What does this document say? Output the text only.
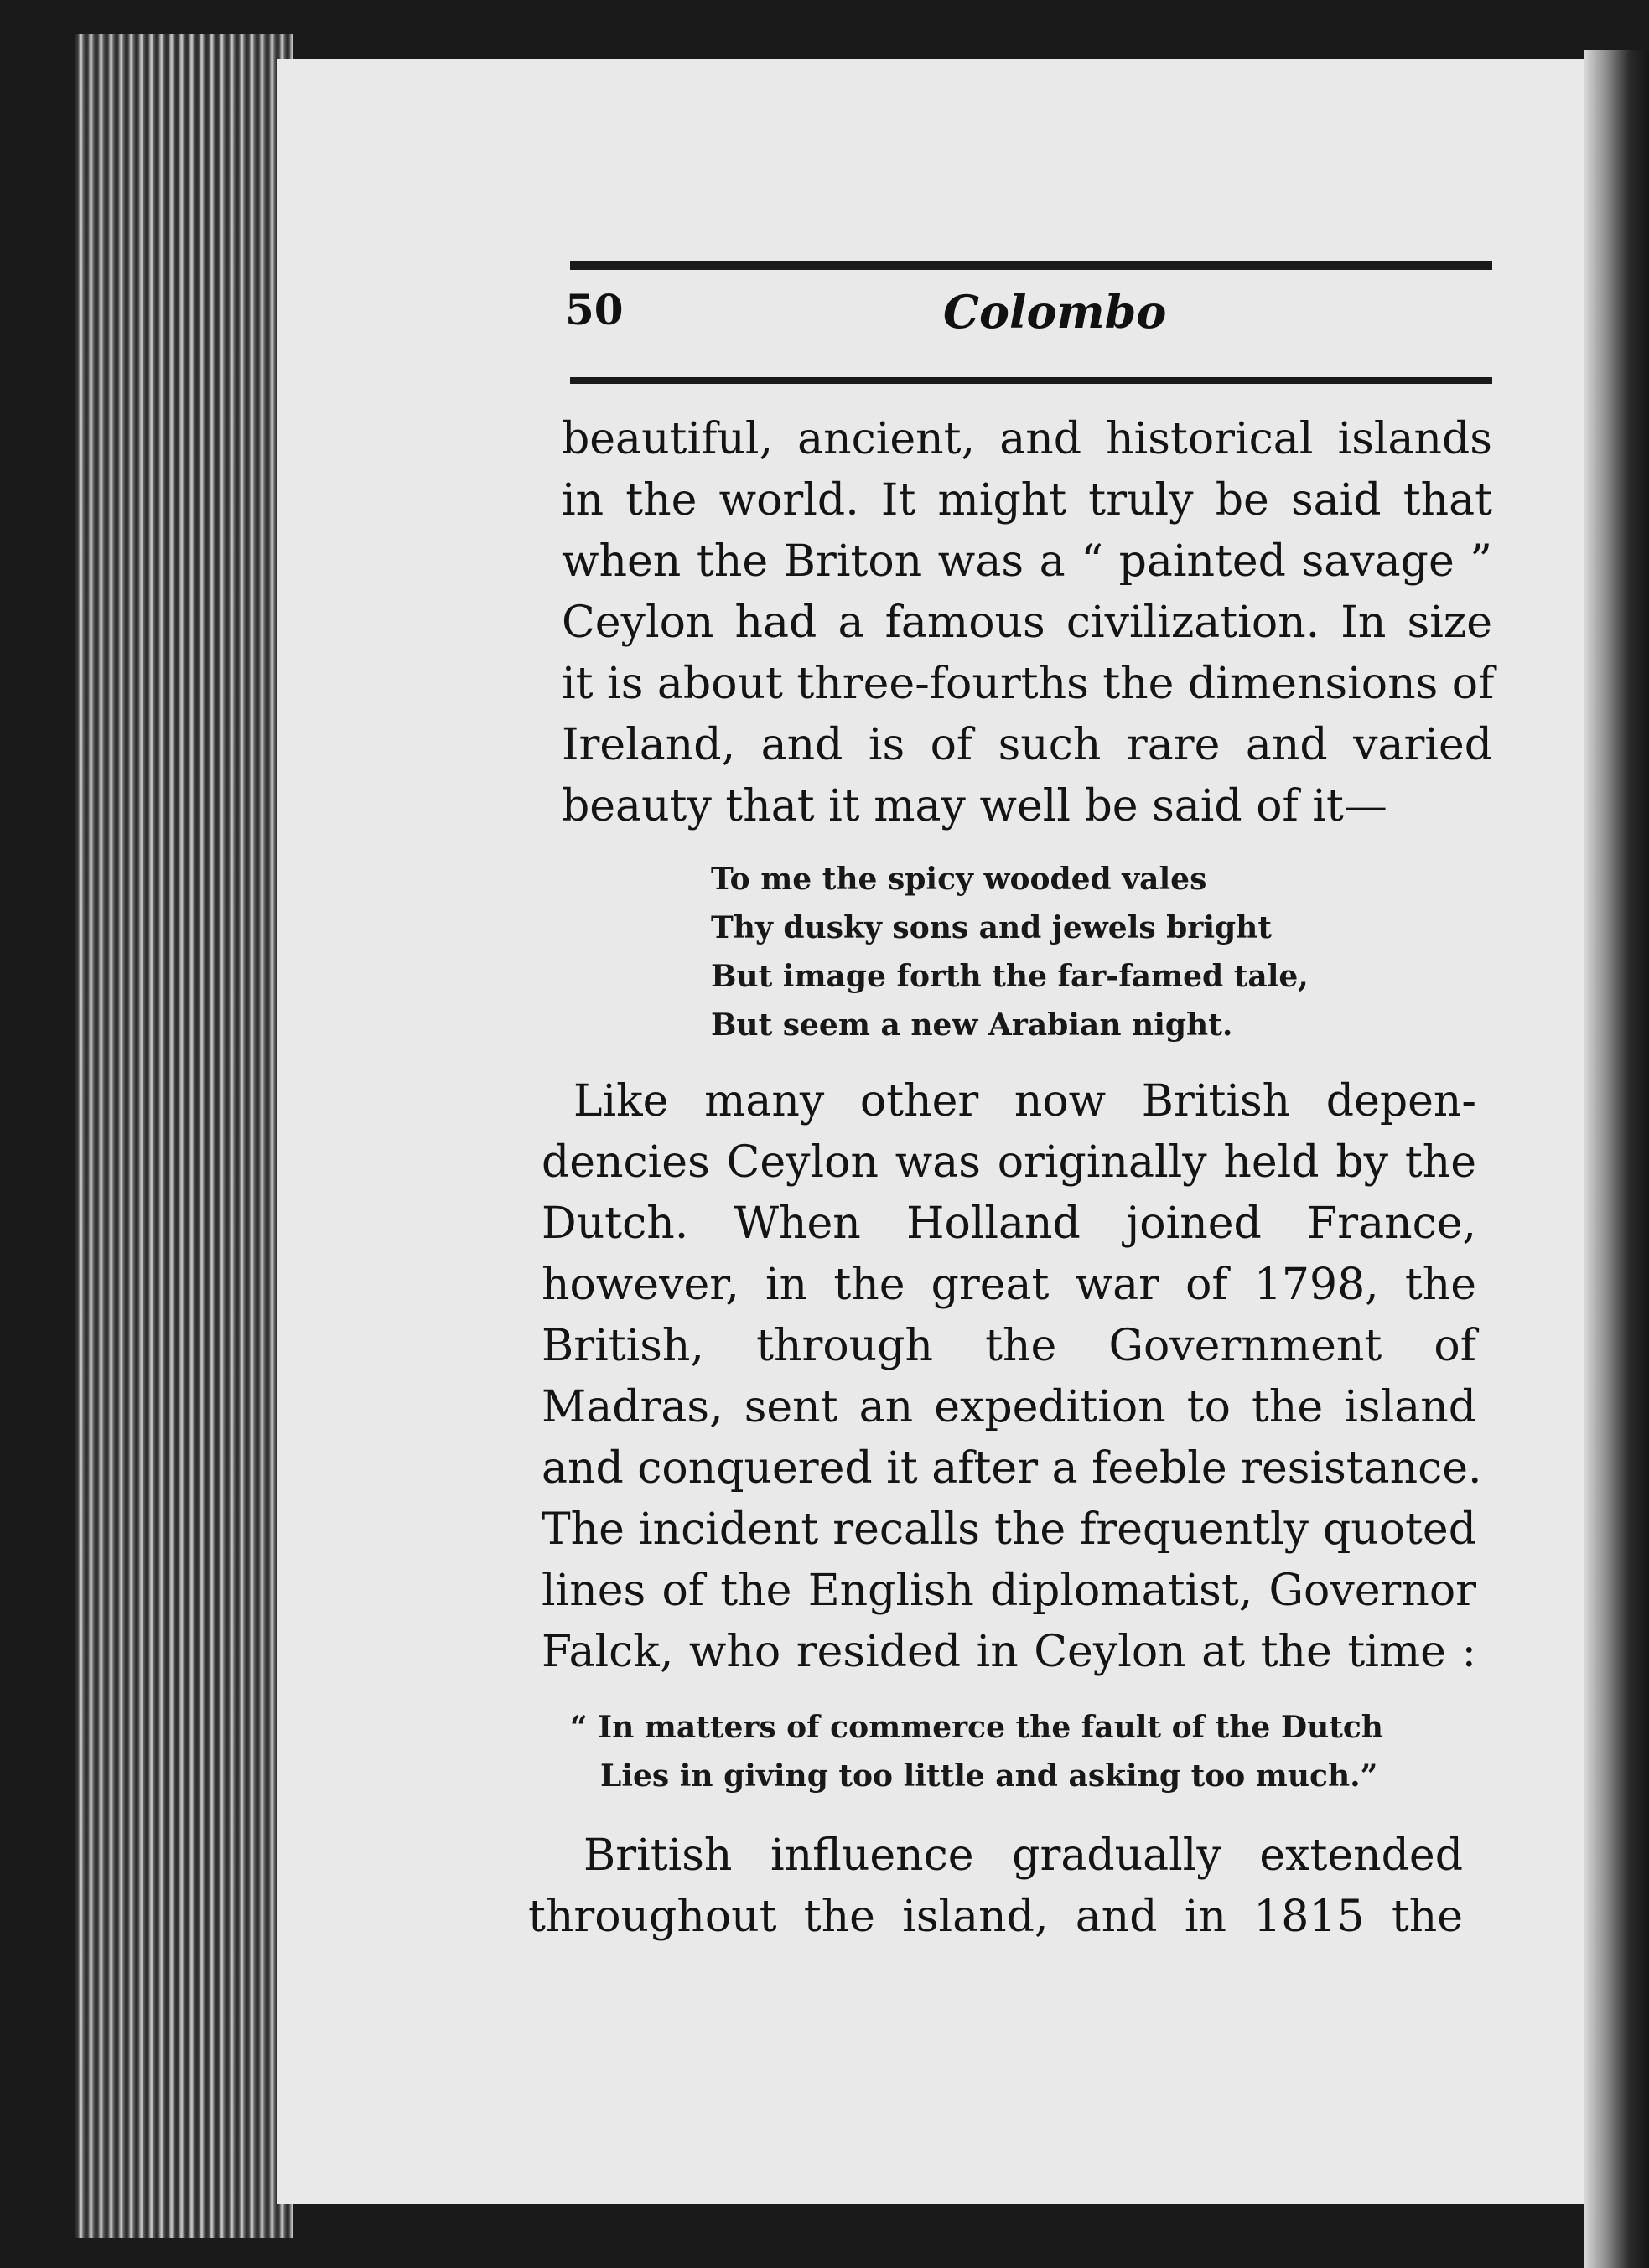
50	Colombo
beautiful, ancient, and historical islands
in the world. It might truly be said that
when the Briton was a “ painted savage ”
Ceylon had a famous civilization. In size
it is about three-fourths the dimensions of
Ireland, and is of such rare and varied
beauty that it may well be said of it—
To me the spicy wooded vales
Thy dusky sons and jewels bright
But image forth the far-famed tale,
But seem a new Arabian night.
Like many other now British depen-
dencies Ceylon was originally held by the
Dutch. When Holland joined France,
however, in the great war of 1798, the
British, through the Government of
Madras, sent an expedition to the island
and conquered it after a feeble resistance.
The incident recalls the frequently quoted
lines of the English diplomatist, Governor
Falck, who resided in Ceylon at the time :
“ In matters of commerce the fault of the Dutch
Lies in giving too little and asking too much.”
British influence gradually extended
throughout the island, and in 1815 the
